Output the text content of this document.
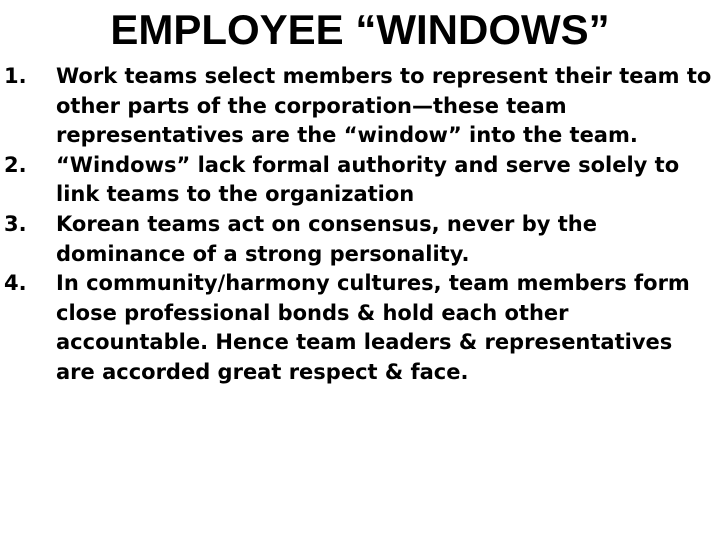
EMPLOYEE “WINDOWS”
1.	Work teams select members to represent their team to other parts of the corporation—these team representatives are the “window” into the team.
2.	“Windows” lack formal authority and serve solely to link teams to the organization
3.	Korean teams act on consensus, never by the dominance of a strong personality.
4.	In community/harmony cultures, team members form close professional bonds & hold each other accountable. Hence team leaders & representatives are accorded great respect & face.
